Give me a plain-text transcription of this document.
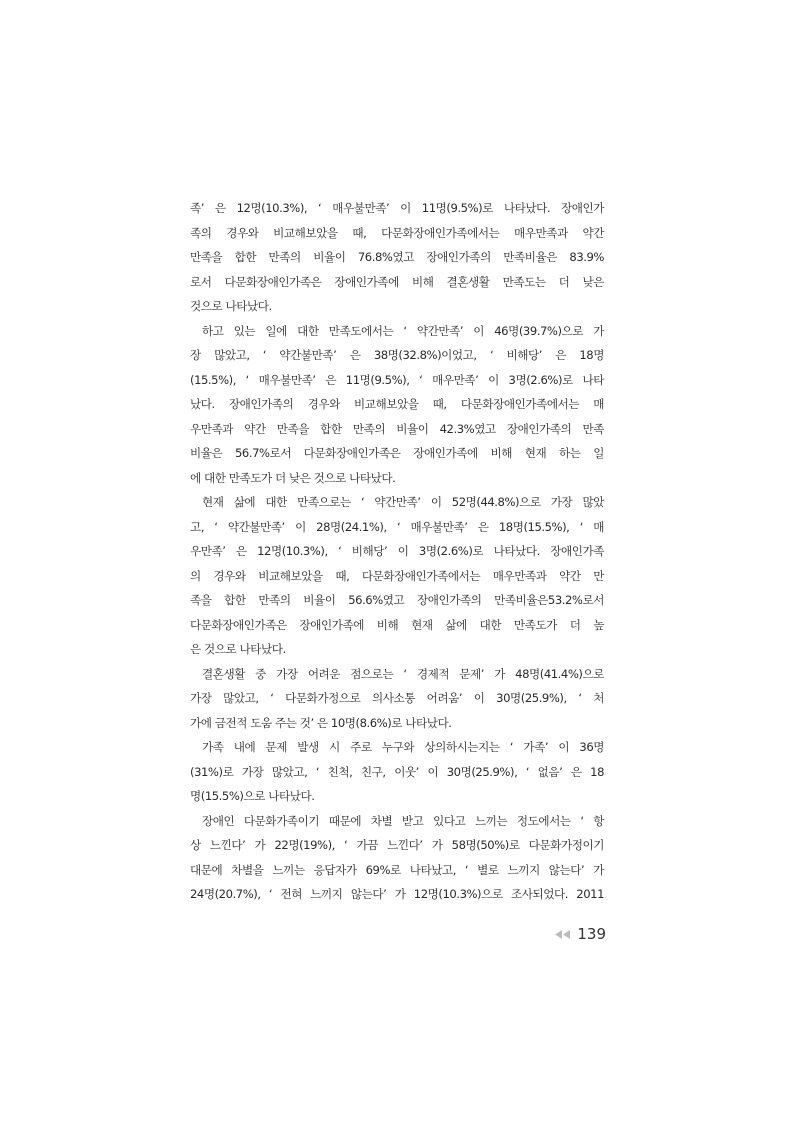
족’ 은 12명(10.3%), ‘ 매우불만족’ 이 11명(9.5%)로 나타났다. 장애인가
족의 경우와 비교해보았을 때, 다문화장애인가족에서는 매우만족과 약간
만족을 합한 만족의 비율이 76.8%였고 장애인가족의 만족비율은 83.9%
로서 다문화장애인가족은 장애인가족에 비해 결혼생활 만족도는 더 낮은
것으로 나타났다.
하고 있는 일에 대한 만족도에서는 ‘ 약간만족’ 이 46명(39.7%)으로 가
장 많았고, ‘ 약간불만족’ 은 38명(32.8%)이었고, ‘ 비해당’ 은 18명
(15.5%), ‘ 매우불만족’ 은 11명(9.5%), ‘ 매우만족’ 이 3명(2.6%)로 나타
났다. 장애인가족의 경우와 비교해보았을 때, 다문화장애인가족에서는 매
우만족과 약간 만족을 합한 만족의 비율이 42.3%였고 장애인가족의 만족
비율은 56.7%로서 다문화장애인가족은 장애인가족에 비해 현재 하는 일
에 대한 만족도가 더 낮은 것으로 나타났다.
현재 삶에 대한 만족으로는 ‘ 약간만족’ 이 52명(44.8%)으로 가장 많았
고, ‘ 약간불만족’ 이 28명(24.1%), ‘ 매우불만족’ 은 18명(15.5%), ‘ 매
우만족’ 은 12명(10.3%), ‘ 비해당’ 이 3명(2.6%)로 나타났다. 장애인가족
의 경우와 비교해보았을 때, 다문화장애인가족에서는 매우만족과 약간 만
족을 합한 만족의 비율이 56.6%였고 장애인가족의 만족비율은53.2%로서
다문화장애인가족은 장애인가족에 비해 현재 삶에 대한 만족도가 더 높
은 것으로 나타났다.
결혼생활 중 가장 어려운 점으로는 ‘ 경제적 문제’ 가 48명(41.4%)으로
가장 많았고, ‘ 다문화가정으로 의사소통 어려움’ 이 30명(25.9%), ‘ 처
가에 금전적 도움 주는 것’ 은 10명(8.6%)로 나타났다.
가족 내에 문제 발생 시 주로 누구와 상의하시는지는 ‘ 가족’ 이 36명
(31%)로 가장 많았고, ‘ 친척, 친구, 이웃’ 이 30명(25.9%), ‘ 없음’ 은 18
명(15.5%)으로 나타났다.
장애인 다문화가족이기 때문에 차별 받고 있다고 느끼는 정도에서는 ‘ 항
상 느낀다’ 가 22명(19%), ‘ 가끔 느낀다’ 가 58명(50%)로 다문화가정이기
대문에 차별을 느끼는 응답자가 69%로 나타났고, ‘ 별로 느끼지 않는다’ 가
24명(20.7%), ‘ 전혀 느끼지 않는다’ 가 12명(10.3%)으로 조사되었다. 2011
139
